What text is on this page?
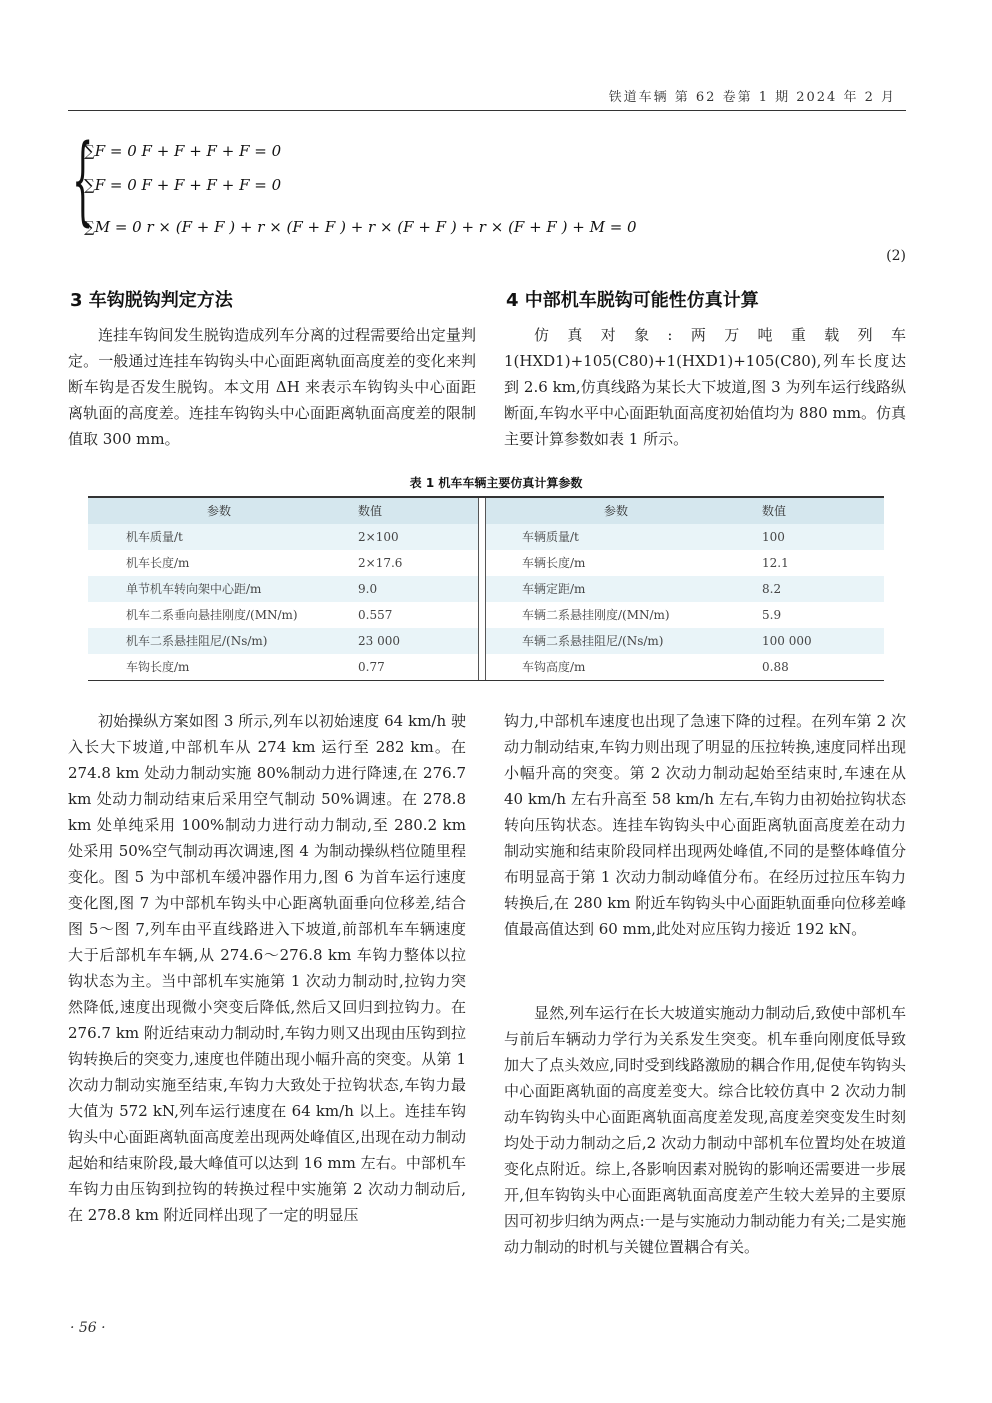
铁道车辆 第 62 卷第 1 期 2024 年 2 月
{
∑F = 0 F + F + F + F = 0
∑F = 0 F + F + F + F = 0
∑M = 0 r × (F + F ) + r × (F + F ) + r × (F + F ) + r × (F + F ) + M = 0
(2)
3 车钩脱钩判定方法

连挂车钩间发生脱钩造成列车分离的过程需要给出定量判定。一般通过连挂车钩钩头中心面距离轨面高度差的变化来判断车钩是否发生脱钩。本文用 ΔH 来表示车钩钩头中心面距离轨面的高度差。连挂车钩钩头中心面距离轨面高度差的限制值取 300 mm。

4 中部机车脱钩可能性仿真计算

仿真对象:两万吨重载列车 1(HXD1)+105(C80)+1(HXD1)+105(C80),列车长度达到 2.6 km,仿真线路为某长大下坡道,图 3 为列车运行线路纵断面,车钩水平中心面距轨面高度初始值均为 880 mm。仿真主要计算参数如表 1 所示。

表 1 机车车辆主要仿真计算参数
参数	数值	参数	数值
机车质量/t	2×100	车辆质量/t	100
机车长度/m	2×17.6	车辆长度/m	12.1
单节机车转向架中心距/m	9.0	车辆定距/m	8.2
机车二系垂向悬挂刚度/(MN/m)	0.557	车辆二系悬挂刚度/(MN/m)	5.9
机车二系悬挂阻尼/(Ns/m)	23 000	车辆二系悬挂阻尼/(Ns/m)	100 000
车钩长度/m	0.77	车钩高度/m	0.88

初始操纵方案如图 3 所示,列车以初始速度 64 km/h 驶入长大下坡道,中部机车从 274 km 运行至 282 km。在 274.8 km 处动力制动实施 80%制动力进行降速,在 276.7 km 处动力制动结束后采用空气制动 50%调速。在 278.8 km 处单纯采用 100%制动力进行动力制动,至 280.2 km 处采用 50%空气制动再次调速,图 4 为制动操纵档位随里程变化。图 5 为中部机车缓冲器作用力,图 6 为首车运行速度变化图,图 7 为中部机车钩头中心距离轨面垂向位移差,结合图 5～图 7,列车由平直线路进入下坡道,前部机车车辆速度大于后部机车车辆,从 274.6～276.8 km 车钩力整体以拉钩状态为主。当中部机车实施第 1 次动力制动时,拉钩力突然降低,速度出现微小突变后降低,然后又回归到拉钩力。在 276.7 km 附近结束动力制动时,车钩力则又出现由压钩到拉钩转换后的突变力,速度也伴随出现小幅升高的突变。从第 1 次动力制动实施至结束,车钩力大致处于拉钩状态,车钩力最大值为 572 kN,列车运行速度在 64 km/h 以上。连挂车钩钩头中心面距离轨面高度差出现两处峰值区,出现在动力制动起始和结束阶段,最大峰值可以达到 16 mm 左右。中部机车车钩力由压钩到拉钩的转换过程中实施第 2 次动力制动后,在 278.8 km 附近同样出现了一定的明显压

钩力,中部机车速度也出现了急速下降的过程。在列车第 2 次动力制动结束,车钩力则出现了明显的压拉转换,速度同样出现小幅升高的突变。第 2 次动力制动起始至结束时,车速在从 40 km/h 左右升高至 58 km/h 左右,车钩力由初始拉钩状态转向压钩状态。连挂车钩钩头中心面距离轨面高度差在动力制动实施和结束阶段同样出现两处峰值,不同的是整体峰值分布明显高于第 1 次动力制动峰值分布。在经历过拉压车钩力转换后,在 280 km 附近车钩钩头中心面距轨面垂向位移差峰值最高值达到 60 mm,此处对应压钩力接近 192 kN。

显然,列车运行在长大坡道实施动力制动后,致使中部机车与前后车辆动力学行为关系发生突变。机车垂向刚度低导致加大了点头效应,同时受到线路激励的耦合作用,促使车钩钩头中心面距离轨面的高度差变大。综合比较仿真中 2 次动力制动车钩钩头中心面距离轨面高度差发现,高度差突变发生时刻均处于动力制动之后,2 次动力制动中部机车位置均处在坡道变化点附近。综上,各影响因素对脱钩的影响还需要进一步展开,但车钩钩头中心面距离轨面高度差产生较大差异的主要原因可初步归纳为两点:一是与实施动力制动能力有关;二是实施动力制动的时机与关键位置耦合有关。

· 56 ·
